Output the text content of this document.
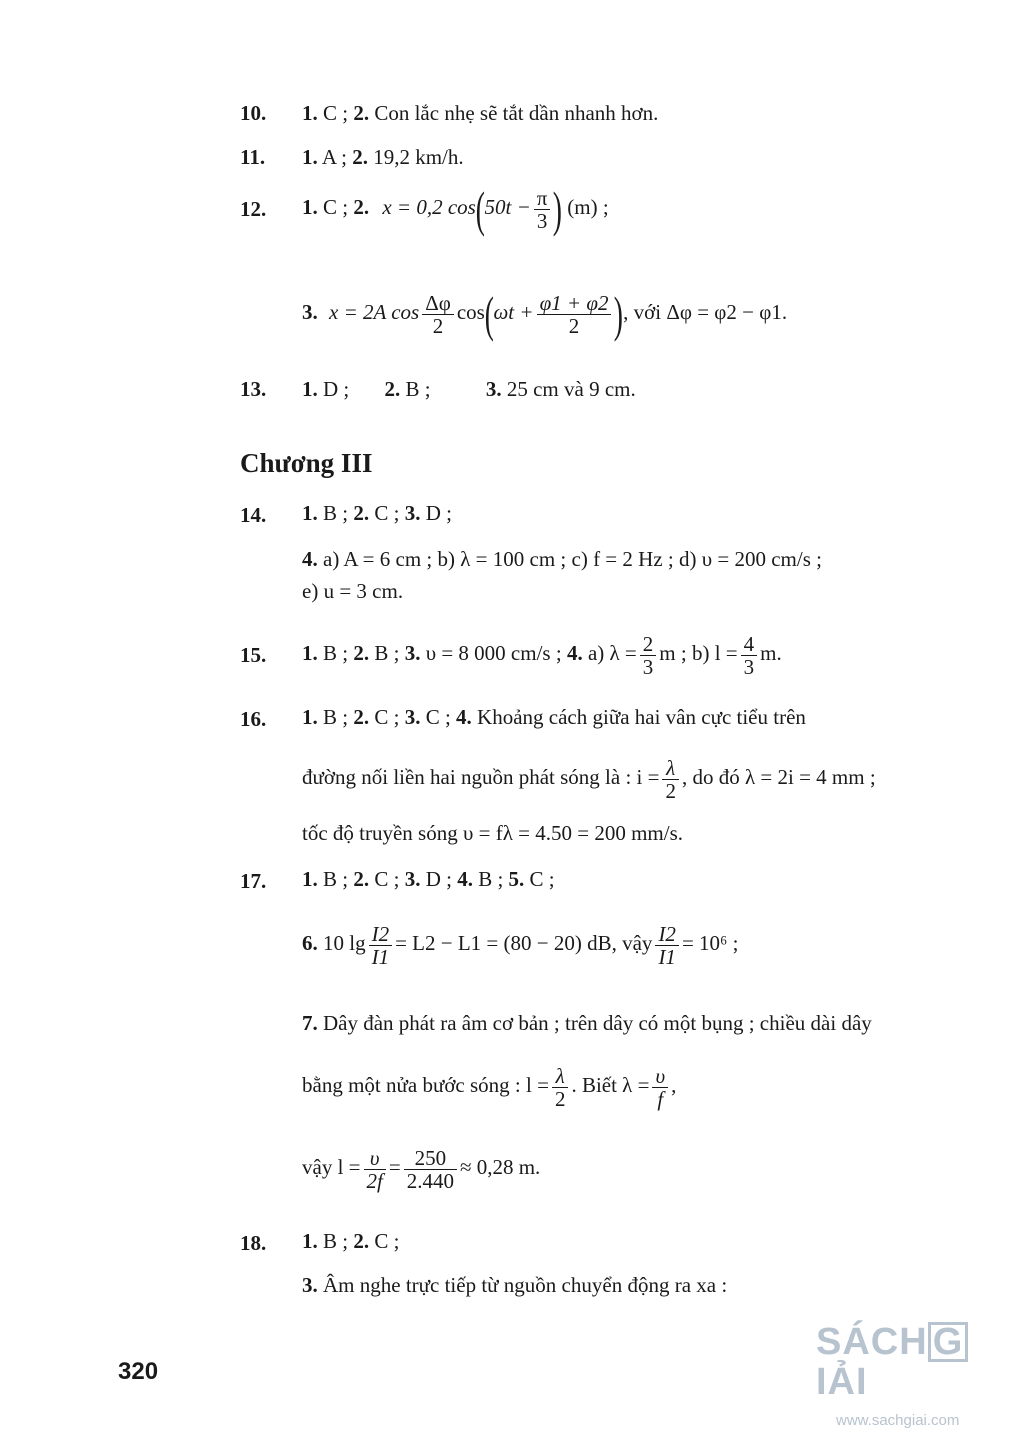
10. 1. C ; 2. Con lắc nhẹ sẽ tắt dần nhanh hơn.
11. 1. A ; 2. 19,2 km/h.
12. 1. C ; 2. x = 0,2 $\cos(50t - \frac{\pi}{3}$ ) (m) ;
3. x = 2A $\cos \frac{\Delta\varphi}{2} \cos(\omega t + \frac{\varphi 1 + \varphi 2}{2}$ ), với Δφ = φ2 − φ1.
13. 1. D ; 2. B ;	3. 25 cm và 9 cm.
Chương III
14. 1. B ; 2. C ; 3. D ;
4. a) A = 6 cm ; b) λ = 100 cm ; c) f = 2 Hz ; d) υ = 200 cm/s ;
e) u = 3 cm.
15. 1. B ; 2. B ; 3. υ = 8 000 cm/s ; 4. a) $\lambda = \frac{2}{3}$ m ; b) $l = \frac{4}{3} m$.
16. 1. B ; 2. C ; 3. C ; 4. Khoảng cách giữa hai vân cực tiểu trên
đường nối liền hai nguồn phát sóng là : $i = \frac{\lambda}{2}$ , do đó λ = 2i = 4 mm ;
tốc độ truyền sóng υ = fλ = 4.50 = 200 mm/s.
17. 1. B ; 2. C ; 3. D ; 4. B ; 5. C ;
6. 10 $\lg \frac{I2}{I1} = L2 - L1 = (80 - 20)$ dB, vậy $\frac{I2}{I1} = 10^6$ ;
7. Dây đàn phát ra âm cơ bản ; trên dây có một bụng ; chiều dài dây
bằng một nửa bước sóng : $l = \frac{\lambda}{2}$ . Biết $\lambda = \frac{\upsilon}{f}$ ,
vậy $l = \frac{\upsilon}{2f} = \frac{250}{2.440} \approx 0,28$ m.
18. 1. B ; 2. C ;
3. Âm nghe trực tiếp từ nguồn chuyển động ra xa :
320
SÁCH GIẢI
www.sachgiai.com
